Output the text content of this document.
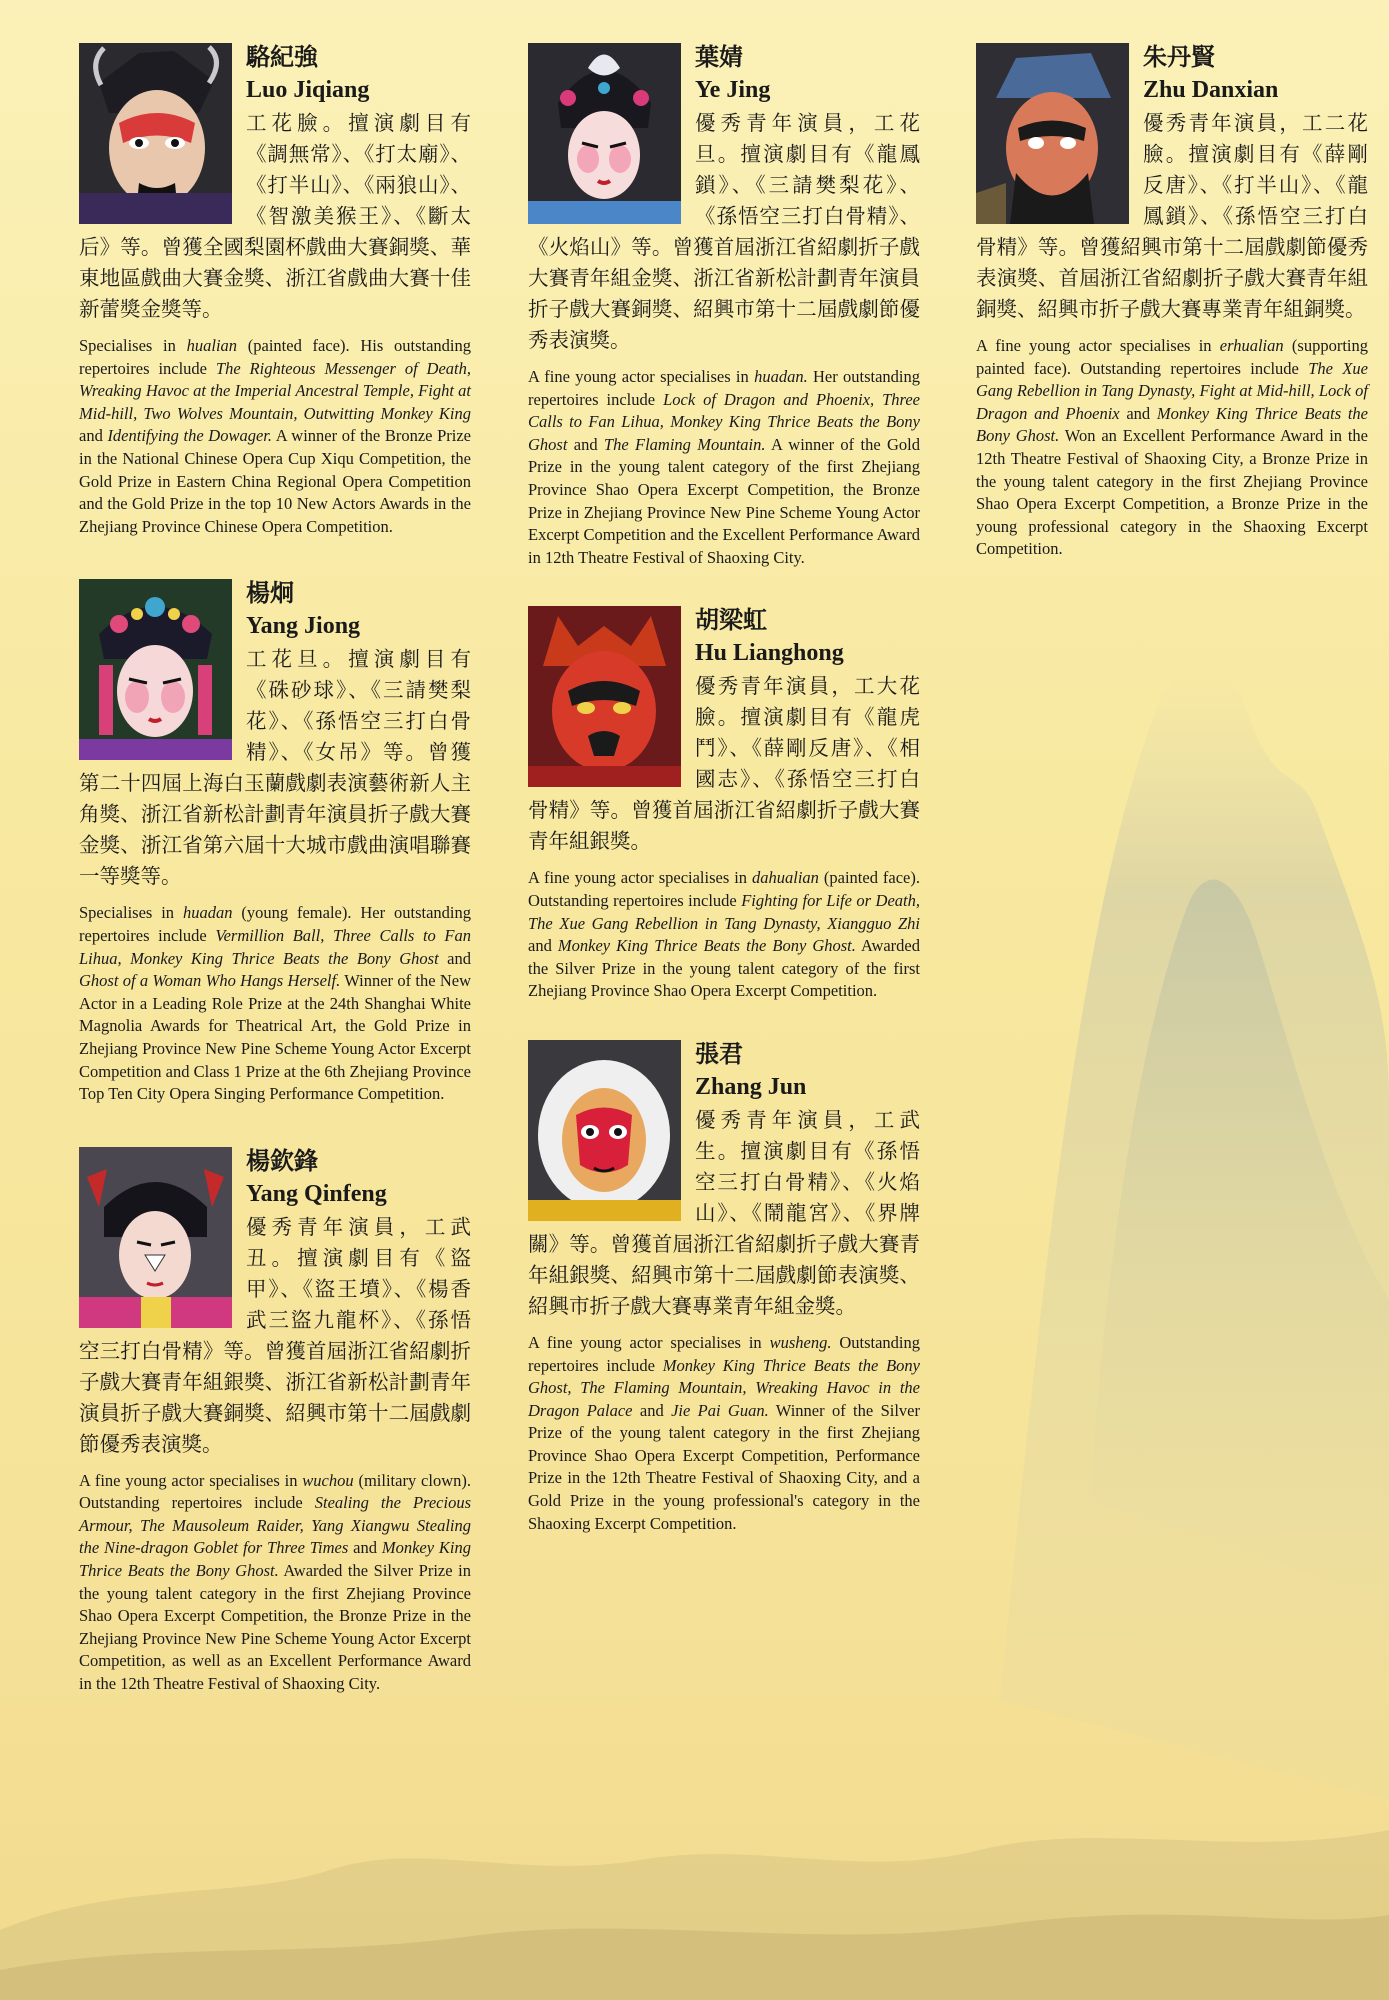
駱紀強

Luo Jiqiang

工花臉。擅演劇目有《調無常》、《打太廟》、《打半山》、《兩狼山》、《智激美猴王》、《斷太后》等。曾獲全國梨園杯戲曲大賽銅獎、華東地區戲曲大賽金獎、浙江省戲曲大賽十佳新蕾獎金獎等。

Specialises in hualian (painted face). His outstanding repertoires include The Righteous Messenger of Death, Wreaking Havoc at the Imperial Ancestral Temple, Fight at Mid-hill, Two Wolves Mountain, Outwitting Monkey King and Identifying the Dowager. A winner of the Bronze Prize in the National Chinese Opera Cup Xiqu Competition, the Gold Prize in Eastern China Regional Opera Competition and the Gold Prize in the top 10 New Actors Awards in the Zhejiang Province Chinese Opera Competition.

楊炯

Yang Jiong

工花旦。擅演劇目有《硃砂球》、《三請樊梨花》、《孫悟空三打白骨精》、《女吊》等。曾獲第二十四屆上海白玉蘭戲劇表演藝術新人主角獎、浙江省新松計劃青年演員折子戲大賽金獎、浙江省第六屆十大城市戲曲演唱聯賽一等獎等。

Specialises in huadan (young female). Her outstanding repertoires include Vermillion Ball, Three Calls to Fan Lihua, Monkey King Thrice Beats the Bony Ghost and Ghost of a Woman Who Hangs Herself. Winner of the New Actor in a Leading Role Prize at the 24th Shanghai White Magnolia Awards for Theatrical Art, the Gold Prize in Zhejiang Province New Pine Scheme Young Actor Excerpt Competition and Class 1 Prize at the 6th Zhejiang Province Top Ten City Opera Singing Performance Competition.

楊欽鋒

Yang Qinfeng

優秀青年演員，工武丑。擅演劇目有《盜甲》、《盜王墳》、《楊香武三盜九龍杯》、《孫悟空三打白骨精》等。曾獲首屆浙江省紹劇折子戲大賽青年組銀獎、浙江省新松計劃青年演員折子戲大賽銅獎、紹興市第十二屆戲劇節優秀表演獎。

A fine young actor specialises in wuchou (military clown). Outstanding repertoires include Stealing the Precious Armour, The Mausoleum Raider, Yang Xiangwu Stealing the Nine-dragon Goblet for Three Times and Monkey King Thrice Beats the Bony Ghost. Awarded the Silver Prize in the young talent category in the first Zhejiang Province Shao Opera Excerpt Competition, the Bronze Prize in the Zhejiang Province New Pine Scheme Young Actor Excerpt Competition, as well as an Excellent Performance Award in the 12th Theatre Festival of Shaoxing City.

葉婧

Ye Jing

優秀青年演員，工花旦。擅演劇目有《龍鳳鎖》、《三請樊梨花》、《孫悟空三打白骨精》、《火焰山》等。曾獲首屆浙江省紹劇折子戲大賽青年組金獎、浙江省新松計劃青年演員折子戲大賽銅獎、紹興市第十二屆戲劇節優秀表演獎。

A fine young actor specialises in huadan. Her outstanding repertoires include Lock of Dragon and Phoenix, Three Calls to Fan Lihua, Monkey King Thrice Beats the Bony Ghost and The Flaming Mountain. A winner of the Gold Prize in the young talent category of the first Zhejiang Province Shao Opera Excerpt Competition, the Bronze Prize in Zhejiang Province New Pine Scheme Young Actor Excerpt Competition and the Excellent Performance Award in 12th Theatre Festival of Shaoxing City.

胡梁虹

Hu Lianghong

優秀青年演員，工大花臉。擅演劇目有《龍虎鬥》、《薛剛反唐》、《相國志》、《孫悟空三打白骨精》等。曾獲首屆浙江省紹劇折子戲大賽青年組銀獎。

A fine young actor specialises in dahualian (painted face). Outstanding repertoires include Fighting for Life or Death, The Xue Gang Rebellion in Tang Dynasty, Xiangguo Zhi and Monkey King Thrice Beats the Bony Ghost. Awarded the Silver Prize in the young talent category of the first Zhejiang Province Shao Opera Excerpt Competition.

張君

Zhang Jun

優秀青年演員，工武生。擅演劇目有《孫悟空三打白骨精》、《火焰山》、《鬧龍宮》、《界牌關》等。曾獲首屆浙江省紹劇折子戲大賽青年組銀獎、紹興市第十二屆戲劇節表演獎、紹興市折子戲大賽專業青年組金獎。

A fine young actor specialises in wusheng. Outstanding repertoires include Monkey King Thrice Beats the Bony Ghost, The Flaming Mountain, Wreaking Havoc in the Dragon Palace and Jie Pai Guan. Winner of the Silver Prize of the young talent category in the first Zhejiang Province Shao Opera Excerpt Competition, Performance Prize in the 12th Theatre Festival of Shaoxing City, and a Gold Prize in the young professional's category in the Shaoxing Excerpt Competition.

朱丹賢

Zhu Danxian

優秀青年演員，工二花臉。擅演劇目有《薛剛反唐》、《打半山》、《龍鳳鎖》、《孫悟空三打白骨精》等。曾獲紹興市第十二屆戲劇節優秀表演獎、首屆浙江省紹劇折子戲大賽青年組銅獎、紹興市折子戲大賽專業青年組銅獎。

A fine young actor specialises in erhualian (supporting painted face). Outstanding repertoires include The Xue Gang Rebellion in Tang Dynasty, Fight at Mid-hill, Lock of Dragon and Phoenix and Monkey King Thrice Beats the Bony Ghost. Won an Excellent Performance Award in the 12th Theatre Festival of Shaoxing City, a Bronze Prize in the young talent category in the first Zhejiang Province Shao Opera Excerpt Competition, a Bronze Prize in the young professional category in the Shaoxing Excerpt Competition.
